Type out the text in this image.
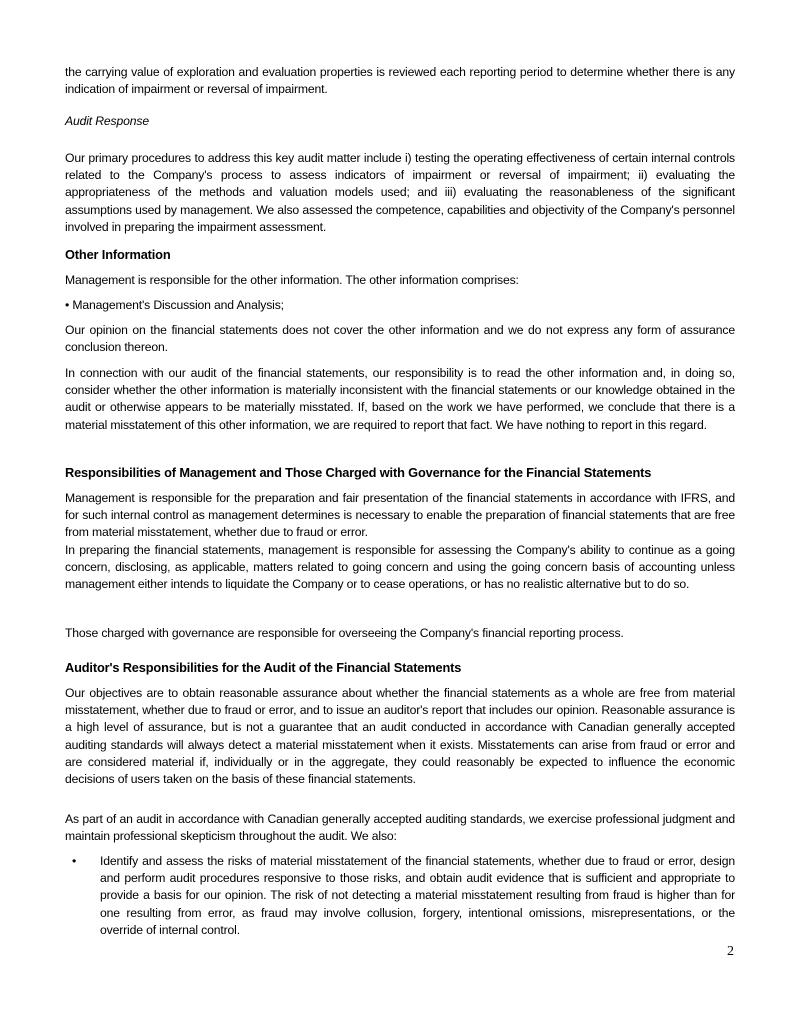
the carrying value of exploration and evaluation properties is reviewed each reporting period to determine whether there is any indication of impairment or reversal of impairment.

Audit Response

Our primary procedures to address this key audit matter include i) testing the operating effectiveness of certain internal controls related to the Company's process to assess indicators of impairment or reversal of impairment; ii) evaluating the appropriateness of the methods and valuation models used; and iii) evaluating the reasonableness of the significant assumptions used by management. We also assessed the competence, capabilities and objectivity of the Company's personnel involved in preparing the impairment assessment.

Other Information

Management is responsible for the other information. The other information comprises:

• Management's Discussion and Analysis;

Our opinion on the financial statements does not cover the other information and we do not express any form of assurance conclusion thereon.

In connection with our audit of the financial statements, our responsibility is to read the other information and, in doing so, consider whether the other information is materially inconsistent with the financial statements or our knowledge obtained in the audit or otherwise appears to be materially misstated. If, based on the work we have performed, we conclude that there is a material misstatement of this other information, we are required to report that fact. We have nothing to report in this regard.

Responsibilities of Management and Those Charged with Governance for the Financial Statements

Management is responsible for the preparation and fair presentation of the financial statements in accordance with IFRS, and for such internal control as management determines is necessary to enable the preparation of financial statements that are free from material misstatement, whether due to fraud or error.

In preparing the financial statements, management is responsible for assessing the Company's ability to continue as a going concern, disclosing, as applicable, matters related to going concern and using the going concern basis of accounting unless management either intends to liquidate the Company or to cease operations, or has no realistic alternative but to do so.

Those charged with governance are responsible for overseeing the Company's financial reporting process.

Auditor's Responsibilities for the Audit of the Financial Statements

Our objectives are to obtain reasonable assurance about whether the financial statements as a whole are free from material misstatement, whether due to fraud or error, and to issue an auditor's report that includes our opinion. Reasonable assurance is a high level of assurance, but is not a guarantee that an audit conducted in accordance with Canadian generally accepted auditing standards will always detect a material misstatement when it exists. Misstatements can arise from fraud or error and are considered material if, individually or in the aggregate, they could reasonably be expected to influence the economic decisions of users taken on the basis of these financial statements.

As part of an audit in accordance with Canadian generally accepted auditing standards, we exercise professional judgment and maintain professional skepticism throughout the audit. We also:

• Identify and assess the risks of material misstatement of the financial statements, whether due to fraud or error, design and perform audit procedures responsive to those risks, and obtain audit evidence that is sufficient and appropriate to provide a basis for our opinion. The risk of not detecting a material misstatement resulting from fraud is higher than for one resulting from error, as fraud may involve collusion, forgery, intentional omissions, misrepresentations, or the override of internal control.

2
